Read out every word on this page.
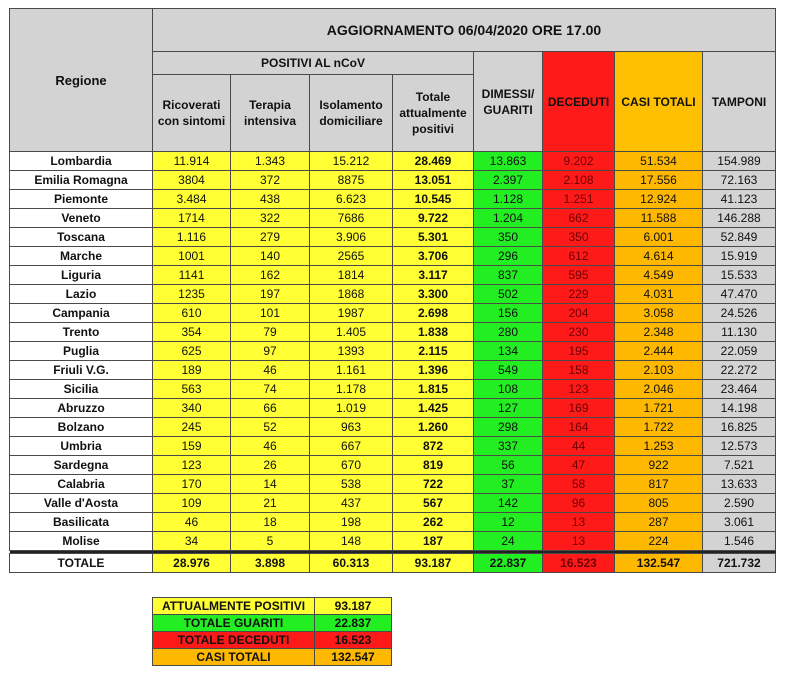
Regione	AGGIORNAMENTO 06/04/2020 ORE 17.00							
	POSITIVI AL nCoV				DIMESSI/ GUARITI	DECEDUTI	CASI TOTALI	TAMPONI
	Ricoverati con sintomi	Terapia intensiva	Isolamento domiciliare	Totale attualmente positivi				
Lombardia	11.914	1.343	15.212	28.469	13.863	9.202	51.534	154.989
Emilia Romagna	3804	372	8875	13.051	2.397	2.108	17.556	72.163
Piemonte	3.484	438	6.623	10.545	1.128	1.251	12.924	41.123
Veneto	1714	322	7686	9.722	1.204	662	11.588	146.288
Toscana	1.116	279	3.906	5.301	350	350	6.001	52.849
Marche	1001	140	2565	3.706	296	612	4.614	15.919
Liguria	1141	162	1814	3.117	837	595	4.549	15.533
Lazio	1235	197	1868	3.300	502	229	4.031	47.470
Campania	610	101	1987	2.698	156	204	3.058	24.526
Trento	354	79	1.405	1.838	280	230	2.348	11.130
Puglia	625	97	1393	2.115	134	195	2.444	22.059
Friuli V.G.	189	46	1.161	1.396	549	158	2.103	22.272
Sicilia	563	74	1.178	1.815	108	123	2.046	23.464
Abruzzo	340	66	1.019	1.425	127	169	1.721	14.198
Bolzano	245	52	963	1.260	298	164	1.722	16.825
Umbria	159	46	667	872	337	44	1.253	12.573
Sardegna	123	26	670	819	56	47	922	7.521
Calabria	170	14	538	722	37	58	817	13.633
Valle d'Aosta	109	21	437	567	142	96	805	2.590
Basilicata	46	18	198	262	12	13	287	3.061
Molise	34	5	148	187	24	13	224	1.546

TOTALE	28.976	3.898	60.313	93.187	22.837	16.523	132.547	721.732
ATTUALMENTE POSITIVI	93.187
TOTALE GUARITI	22.837
TOTALE DECEDUTI	16.523
CASI TOTALI	132.547
